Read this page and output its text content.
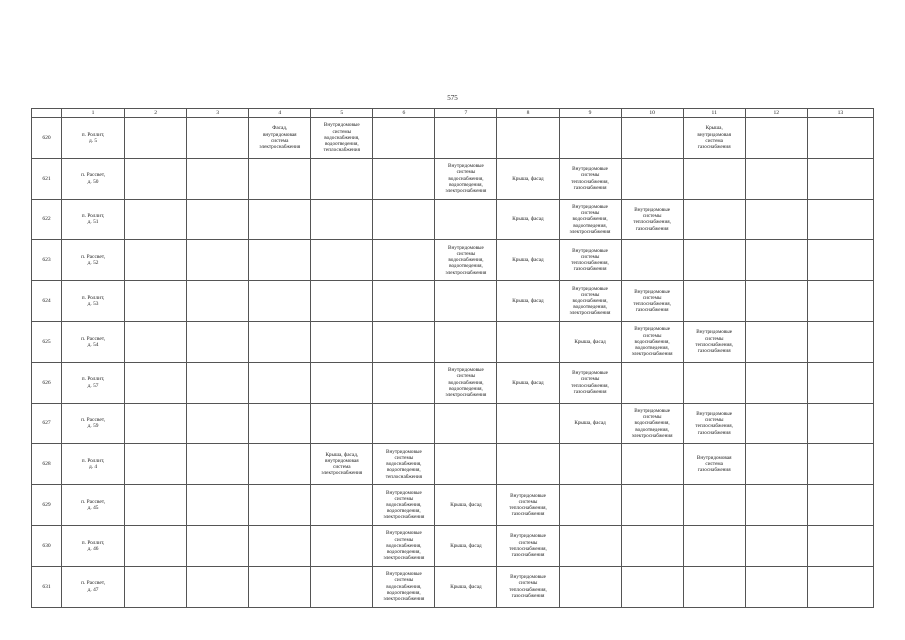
575
	1	2	3	4	5	6	7	8	9	10	11	12	13
620	п. Роллит,
д. 5			Фасад,
внутридомовая
система
электроснабжения	Внутридомовые
системы
водоснабжения,
водоотведения,
теплоснабжения						Крыша,
внутридомовая
система
газоснабжения		
621	п. Рассвет,
д. 50						Внутридомовые
системы
водоснабжения,
водоотведения,
электроснабжения	Крыша, фасад	Внутридомовые
системы
теплоснабжения,
газоснабжения				
622	п. Роллит,
д. 51							Крыша, фасад	Внутридомовые
системы
водоснабжения,
водоотведения,
электроснабжения	Внутридомовые
системы
теплоснабжения,
газоснабжения			
623	п. Рассвет,
д. 52						Внутридомовые
системы
водоснабжения,
водоотведения,
электроснабжения	Крыша, фасад	Внутридомовые
системы
теплоснабжения,
газоснабжения				
624	п. Роллит,
д. 53							Крыша, фасад	Внутридомовые
системы
водоснабжения,
водоотведения,
электроснабжения	Внутридомовые
системы
теплоснабжения,
газоснабжения			
625	п. Рассвет,
д. 54								Крыша, фасад	Внутридомовые
системы
водоснабжения,
водоотведения,
электроснабжения	Внутридомовые
системы
теплоснабжения,
газоснабжения		
626	п. Роллит,
д. 57						Внутридомовые
системы
водоснабжения,
водоотведения,
электроснабжения	Крыша, фасад	Внутридомовые
системы
теплоснабжения,
газоснабжения				
627	п. Рассвет,
д. 59								Крыша, фасад	Внутридомовые
системы
водоснабжения,
водоотведения,
электроснабжения	Внутридомовые
системы
теплоснабжения,
газоснабжения		
628	п. Роллит,
д. 4				Крыша, фасад,
внутридомовая
система
электроснабжения	Внутридомовые
системы
водоснабжения,
водоотведения,
теплоснабжения					Внутридомовая
система
газоснабжения		
629	п. Рассвет,
д. 45					Внутридомовые
системы
водоснабжения,
водоотведения,
электроснабжения	Крыша, фасад	Внутридомовые
системы
теплоснабжения,
газоснабжения					
630	п. Роллит,
д. 46					Внутридомовые
системы
водоснабжения,
водоотведения,
электроснабжения	Крыша, фасад	Внутридомовые
системы
теплоснабжения,
газоснабжения					
631	п. Рассвет,
д. 47					Внутридомовые
системы
водоснабжения,
водоотведения,
электроснабжения	Крыша, фасад	Внутридомовые
системы
теплоснабжения,
газоснабжения					
